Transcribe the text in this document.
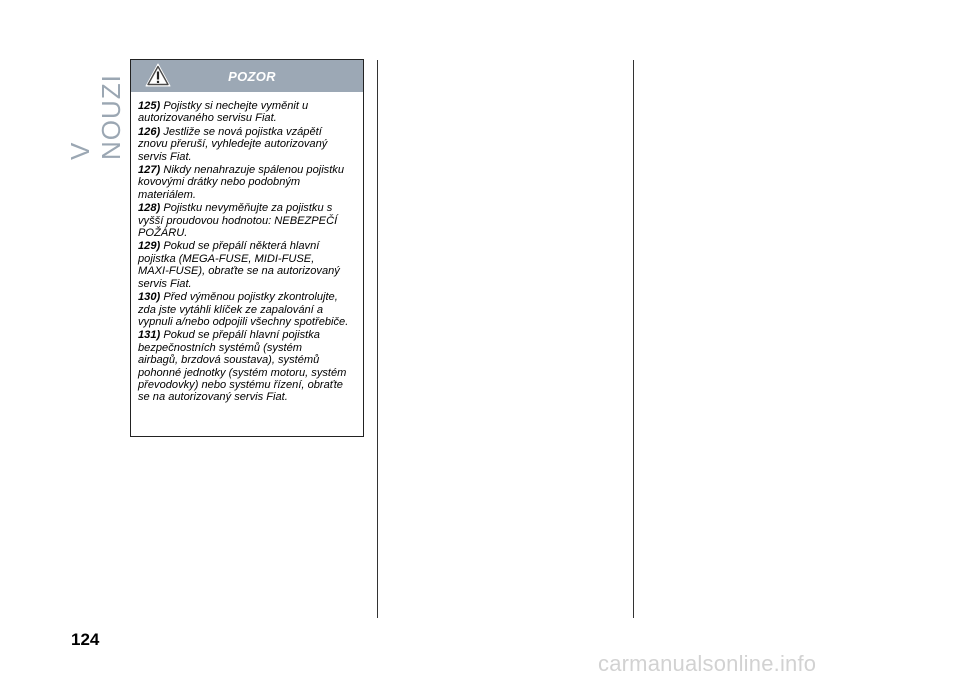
V NOUZI	POZOR

125) Pojistky si nechejte vyměnit u
autorizovaného servisu Fiat.

126) Jestliže se nová pojistka vzápětí
znovu přeruší, vyhledejte autorizovaný
servis Fiat.

127) Nikdy nenahrazuje spálenou pojistku
kovovými drátky nebo podobným
materiálem.

128) Pojistku nevyměňujte za pojistku s
vyšší proudovou hodnotou: NEBEZPEČÍ
POŽÁRU.

129) Pokud se přepálí některá hlavní
pojistka (MEGA-FUSE, MIDI-FUSE,
MAXI-FUSE), obraťte se na autorizovaný
servis Fiat.

130) Před výměnou pojistky zkontrolujte,
zda jste vytáhli klíček ze zapalování a
vypnuli a/nebo odpojili všechny spotřebiče.

131) Pokud se přepálí hlavní pojistka
bezpečnostních systémů (systém
airbagů, brzdová soustava), systémů
pohonné jednotky (systém motoru, systém
převodovky) nebo systému řízení, obraťte
se na autorizovaný servis Fiat.

124
carmanualsonline.info
